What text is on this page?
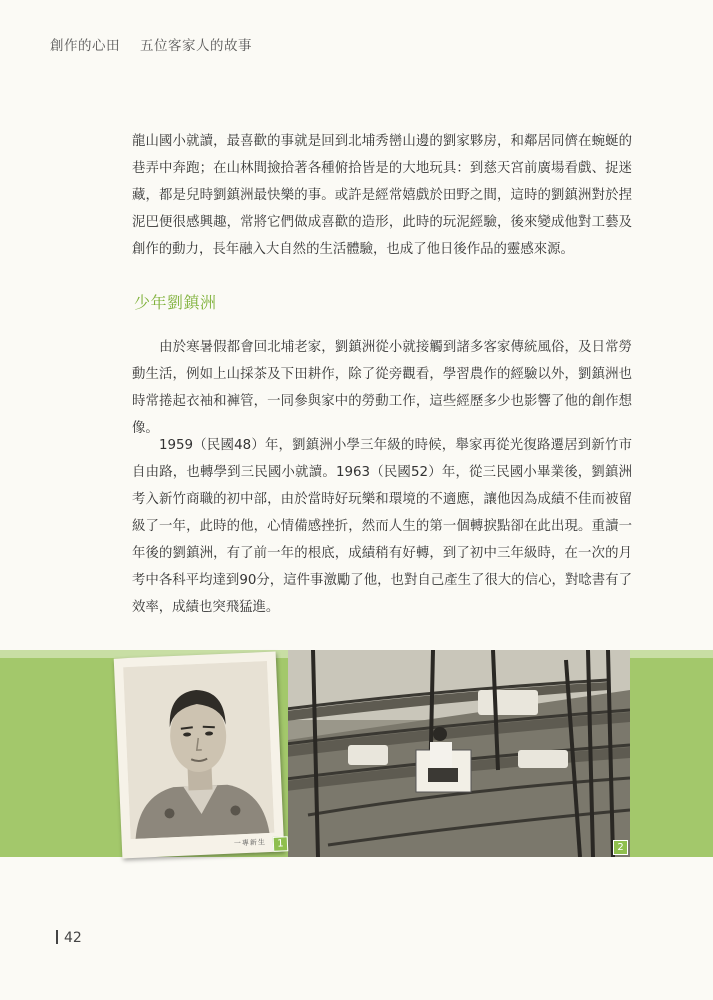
創作的心田 五位客家人的故事

龍山國小就讀，最喜歡的事就是回到北埔秀巒山邊的劉家夥房，和鄰居同儕在蜿蜒的巷弄中奔跑；在山林間撿拾著各種俯拾皆是的大地玩具：到慈天宮前廣場看戲、捉迷藏，都是兒時劉鎮洲最快樂的事。或許是經常嬉戲於田野之間，這時的劉鎮洲對於捏泥巴便很感興趣，常將它們做成喜歡的造形，此時的玩泥經驗，後來變成他對工藝及創作的動力，長年融入大自然的生活體驗，也成了他日後作品的靈感來源。

少年劉鎮洲

由於寒暑假都會回北埔老家，劉鎮洲從小就接觸到諸多客家傳統風俗，及日常勞動生活，例如上山採茶及下田耕作，除了從旁觀看，學習農作的經驗以外，劉鎮洲也時常捲起衣袖和褲管，一同參與家中的勞動工作，這些經歷多少也影響了他的創作想像。

1959（民國48）年，劉鎮洲小學三年級的時候，舉家再從光復路遷居到新竹市自由路，也轉學到三民國小就讀。1963（民國52）年，從三民國小畢業後，劉鎮洲考入新竹商職的初中部，由於當時好玩樂和環境的不適應，讓他因為成績不佳而被留級了一年，此時的他，心情備感挫折，然而人生的第一個轉捩點卻在此出現。重讀一年後的劉鎮洲，有了前一年的根底，成績稍有好轉，到了初中三年級時，在一次的月考中各科平均達到90分，這件事激勵了他，也對自己產生了很大的信心，對唸書有了效率，成績也突飛猛進。

2
一專新生	1
42
